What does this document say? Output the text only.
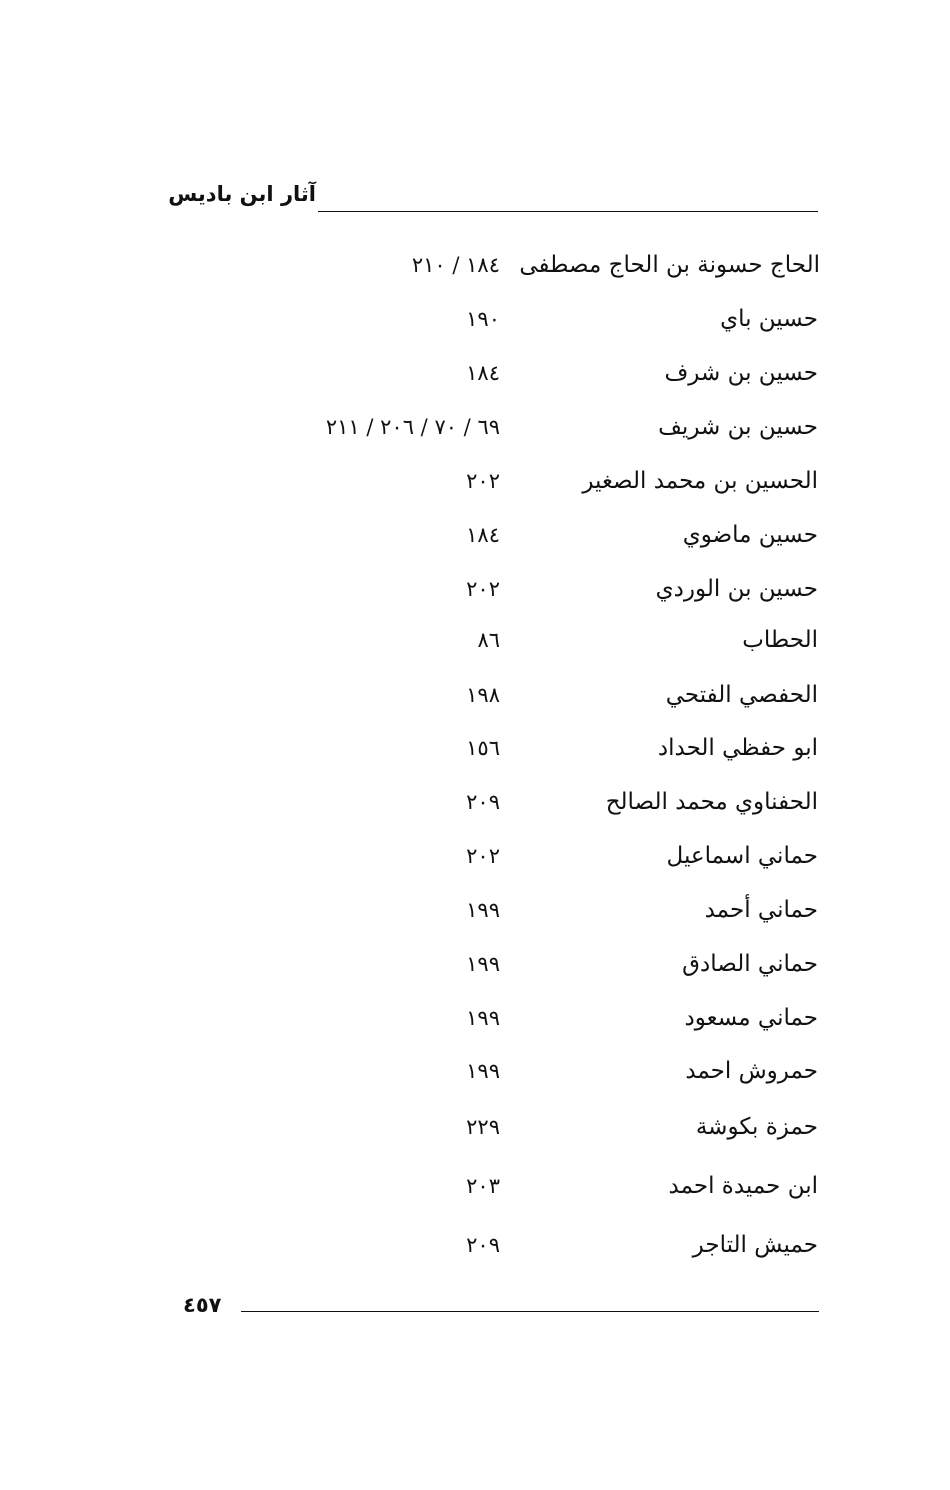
آثار ابن باديس
الحاج حسونة بن الحاج مصطفى
١٨٤ / ٢١٠
حسين باي
١٩٠
حسين بن شرف
١٨٤
حسين بن شريف
٦٩ / ٧٠ / ٢٠٦ / ٢١١
الحسين بن محمد الصغير
٢٠٢
حسين ماضوي
١٨٤
حسين بن الوردي
٢٠٢
الحطاب
٨٦
الحفصي الفتحي
١٩٨
ابو حفظي الحداد
١٥٦
الحفناوي محمد الصالح
٢٠٩
حماني اسماعيل
٢٠٢
حماني أحمد
١٩٩
حماني الصادق
١٩٩
حماني مسعود
١٩٩
حمروش احمد
١٩٩
حمزة بكوشة
٢٢٩
ابن حميدة احمد
٢٠٣
حميش التاجر
٢٠٩
٤٥٧
